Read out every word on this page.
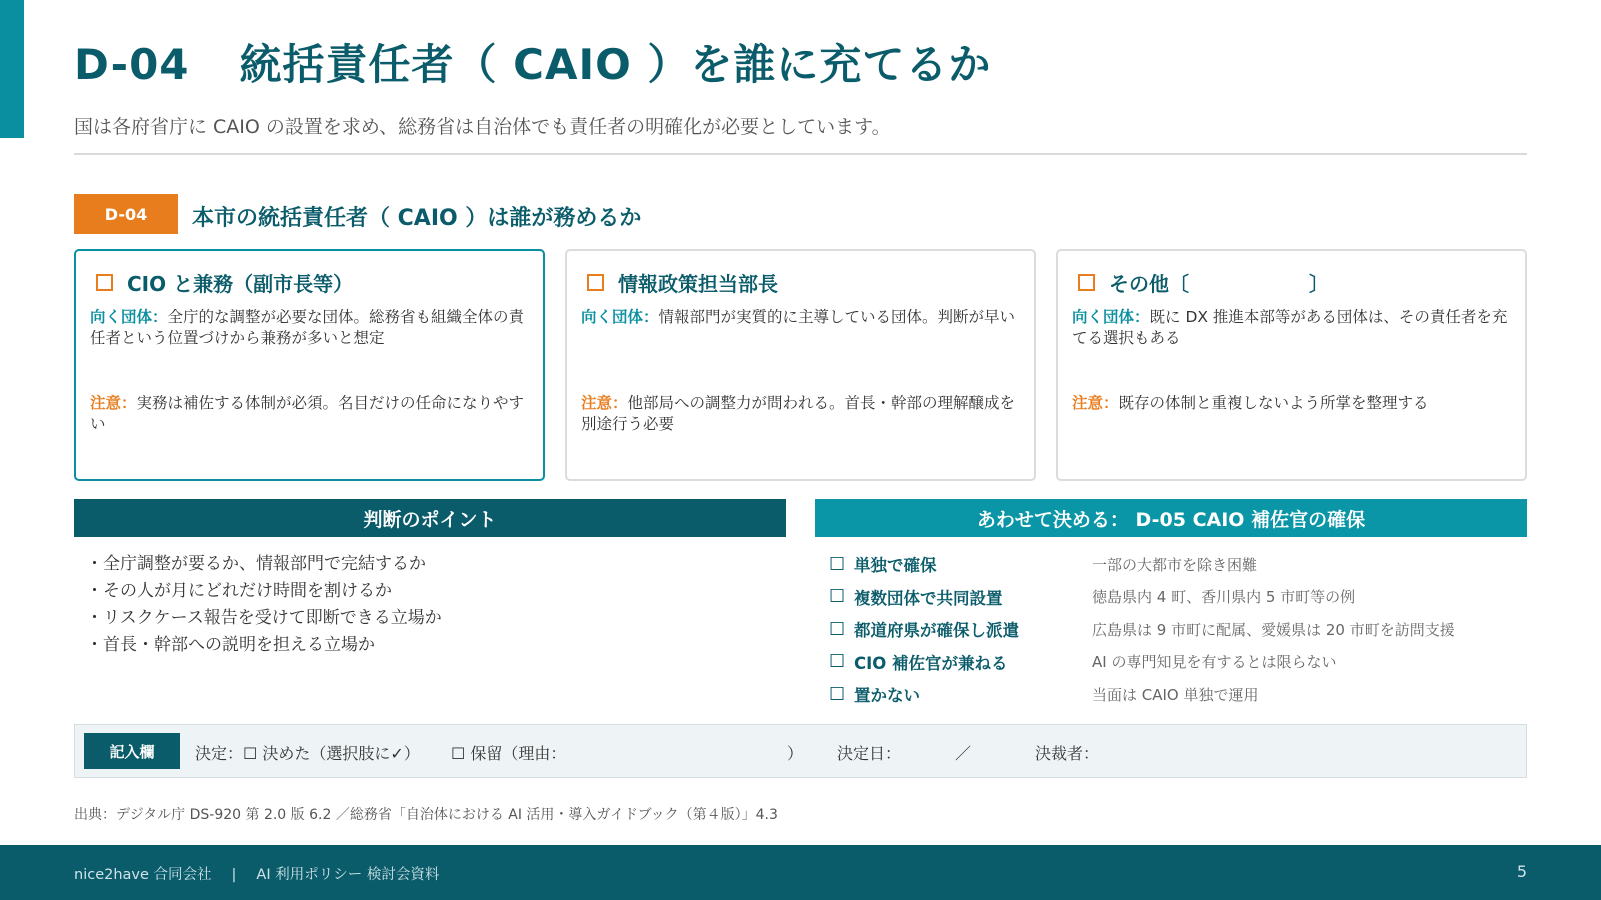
D-04 統括責任者（ CAIO ）を誰に充てるか

国は各府省庁に CAIO の設置を求め、総務省は自治体でも責任者の明確化が必要としています。

D-04	本市の統括責任者（ CAIO ）は誰が務めるか
CIO と兼務（副市長等）
向く団体：全庁的な調整が必要な団体。総務省も組織全体の責任者という位置づけから兼務が多いと想定
注意：実務は補佐する体制が必須。名目だけの任命になりやすい
情報政策担当部長
向く団体：情報部門が実質的に主導している団体。判断が早い
注意：他部局への調整力が問われる。首長・幹部の理解醸成を別途行う必要
その他〔　　　　　　〕
向く団体：既に DX 推進本部等がある団体は、その責任者を充てる選択もある
注意：既存の体制と重複しないよう所掌を整理する
判断のポイント
・全庁調整が要るか、情報部門で完結するか
・その人が月にどれだけ時間を割けるか
・リスクケース報告を受けて即断できる立場か
・首長・幹部への説明を担える立場か
あわせて決める： D-05 CAIO 補佐官の確保
☐ 単独で確保	一部の大都市を除き困難
☐ 複数団体で共同設置	徳島県内 4 町、香川県内 5 市町等の例
☐ 都道府県が確保し派遣	広島県は 9 市町に配属、愛媛県は 20 市町を訪問支援
☐ CIO 補佐官が兼ねる	AI の専門知見を有するとは限らない
☐ 置かない	当面は CAIO 単独で運用
記入欄	決定：☐ 決めた（選択肢に✓） ☐ 保留（理由：	） 決定日：	／	決裁者：

出典：デジタル庁 DS-920 第 2.0 版 6.2 ／総務省「自治体における AI 活用・導入ガイドブック（第４版）」4.3

nice2have 合同会社 | AI 利用ポリシー 検討会資料	5
